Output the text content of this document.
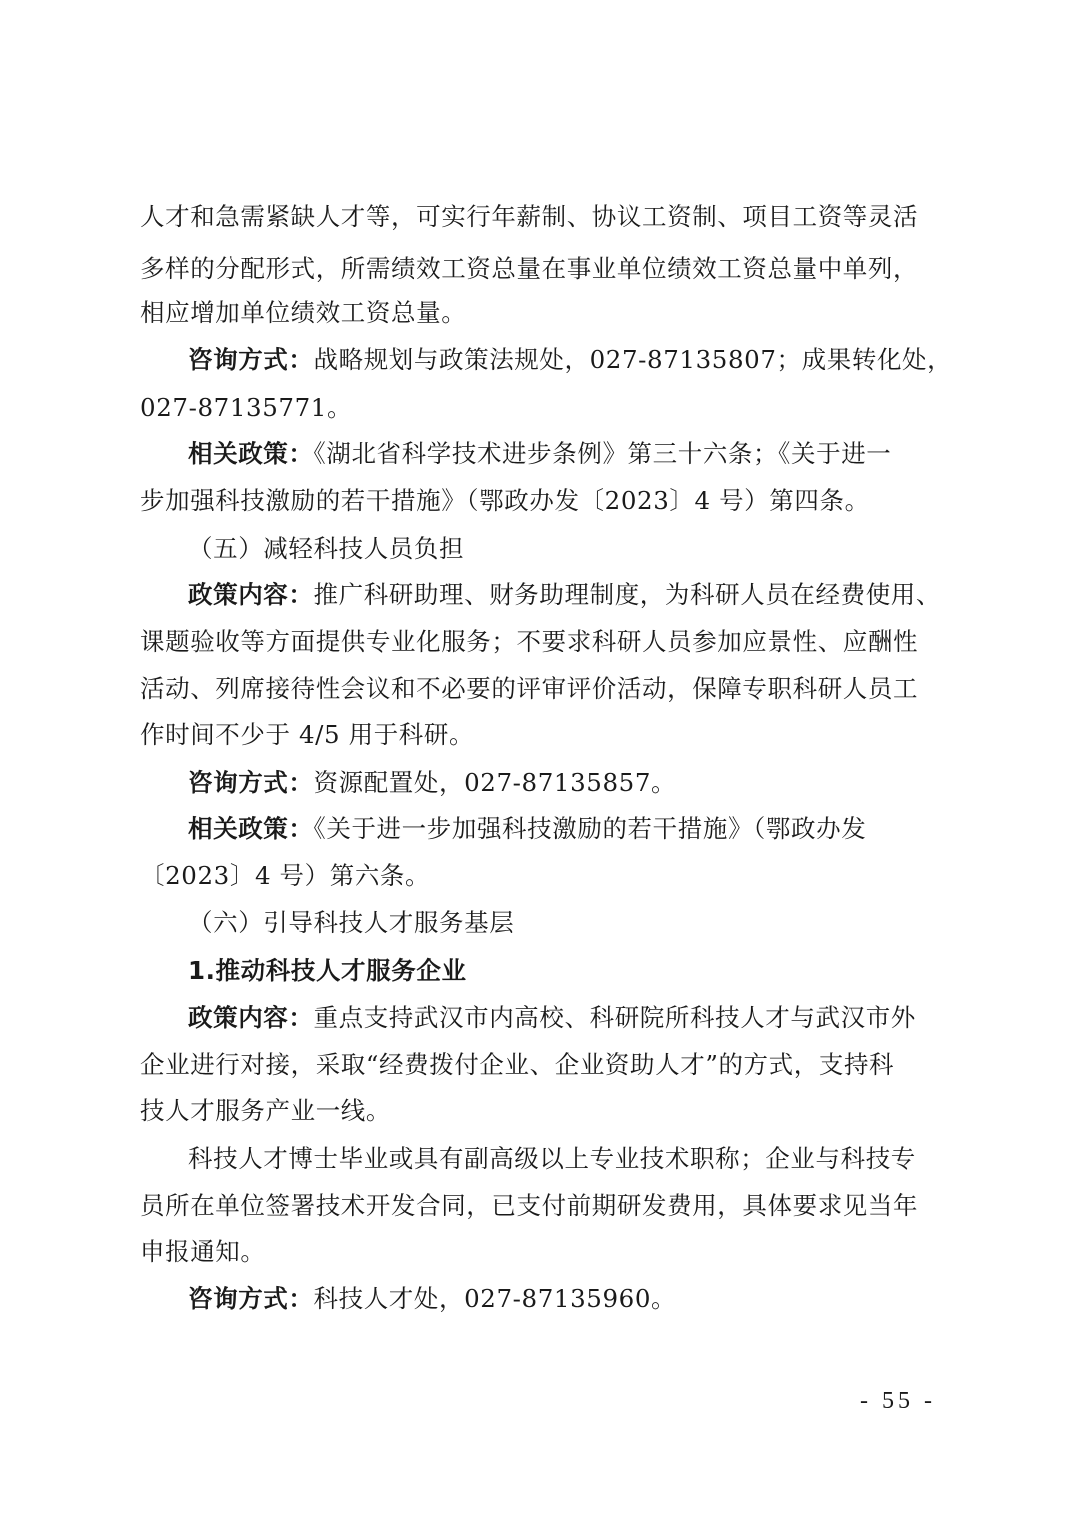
人才和急需紧缺人才等，可实行年薪制、协议工资制、项目工资等灵活
多样的分配形式，所需绩效工资总量在事业单位绩效工资总量中单列，
相应增加单位绩效工资总量。
咨询方式：战略规划与政策法规处，027-87135807；成果转化处，
027-87135771。
相关政策：《湖北省科学技术进步条例》第三十六条；《关于进一
步加强科技激励的若干措施》（鄂政办发〔2023〕4 号）第四条。
（五）减轻科技人员负担
政策内容：推广科研助理、财务助理制度，为科研人员在经费使用、
课题验收等方面提供专业化服务；不要求科研人员参加应景性、应酬性
活动、列席接待性会议和不必要的评审评价活动，保障专职科研人员工
作时间不少于 4/5 用于科研。
咨询方式：资源配置处，027-87135857。
相关政策：《关于进一步加强科技激励的若干措施》（鄂政办发
〔2023〕4 号）第六条。
（六）引导科技人才服务基层
1.推动科技人才服务企业
政策内容：重点支持武汉市内高校、科研院所科技人才与武汉市外
企业进行对接，采取“经费拨付企业、企业资助人才”的方式，支持科
技人才服务产业一线。
科技人才博士毕业或具有副高级以上专业技术职称；企业与科技专
员所在单位签署技术开发合同，已支付前期研发费用，具体要求见当年
申报通知。
咨询方式：科技人才处，027-87135960。
- 55 -
